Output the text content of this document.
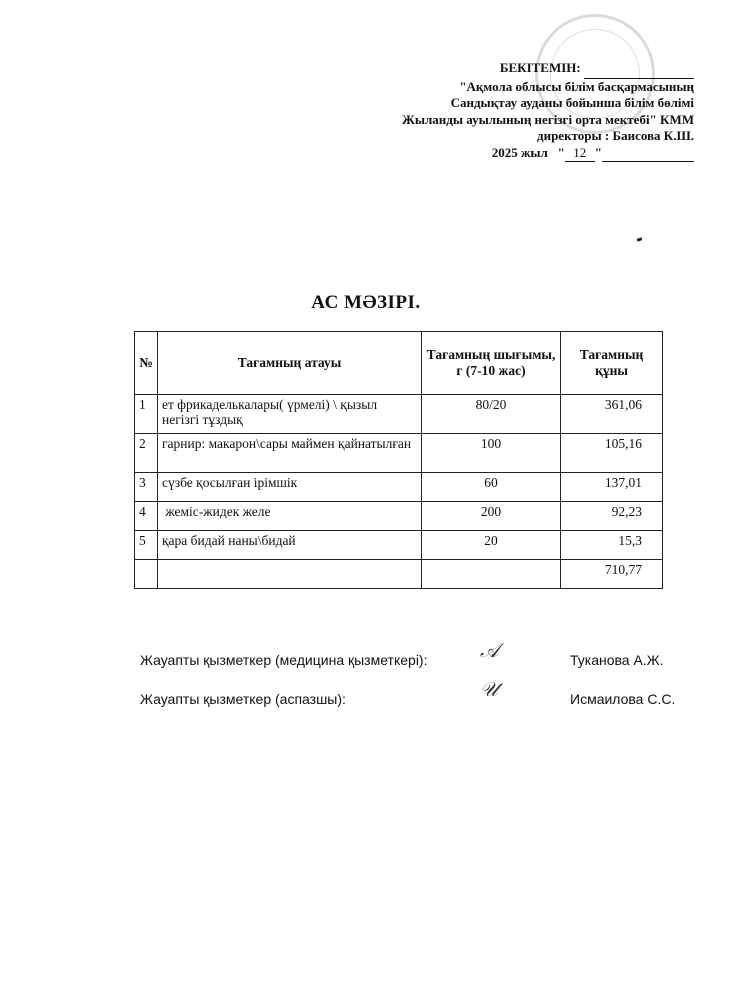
БЕКІТЕМІН:
"Ақмола облысы білім басқармасының
Сандықтау ауданы бойынша білім бөлімі
Жыланды ауылының негізгі орта мектебі" КММ
директоры : Баисова К.Ш.
2025 жыл   " 12 "
АС МӘЗІРІ.
№	Тағамның атауы	Тағамның шығымы, г (7-10 жас)	Тағамның құны
1	ет фрикаделькалары( үрмелі) \ қызыл негізгі тұздық	80/20	361,06
2	гарнир: макарон\сары маймен қайнатылған	100	105,16
3	сүзбе қосылған ірімшік	60	137,01
4	жеміс-жидек желе	200	92,23
5	қара бидай наны\бидай	20	15,3
			710,77
Жауапты қызметкер (медицина қызметкері):	𝒜	Туканова А.Ж.
Жауапты қызметкер (аспазшы):	𝒰	Исмаилова С.С.
